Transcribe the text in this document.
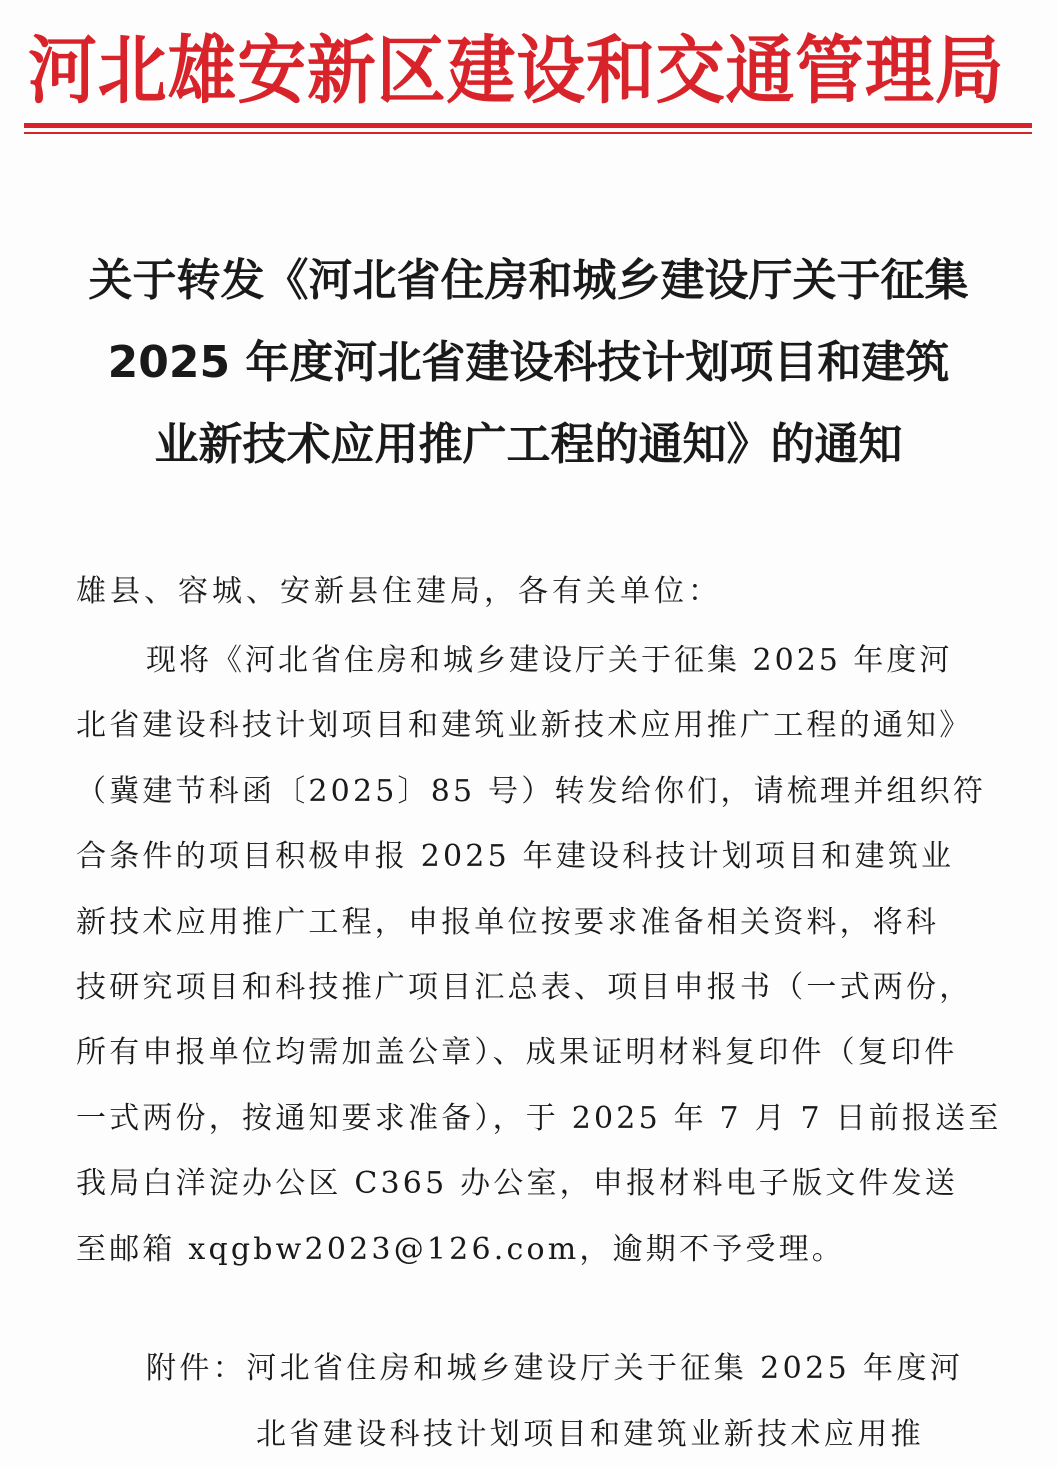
河北雄安新区建设和交通管理局
关于转发《河北省住房和城乡建设厅关于征集
2025 年度河北省建设科技计划项目和建筑
业新技术应用推广工程的通知》的通知
雄县、容城、安新县住建局，各有关单位：
现将《河北省住房和城乡建设厅关于征集 2025 年度河
北省建设科技计划项目和建筑业新技术应用推广工程的通知》
（冀建节科函〔2025〕85 号）转发给你们，请梳理并组织符
合条件的项目积极申报 2025 年建设科技计划项目和建筑业
新技术应用推广工程，申报单位按要求准备相关资料，将科
技研究项目和科技推广项目汇总表、项目申报书（一式两份，
所有申报单位均需加盖公章）、成果证明材料复印件（复印件
一式两份，按通知要求准备），于 2025 年 7 月 7 日前报送至
我局白洋淀办公区 C365 办公室，申报材料电子版文件发送
至邮箱 xqgbw2023@126.com，逾期不予受理。
附件：河北省住房和城乡建设厅关于征集 2025 年度河
北省建设科技计划项目和建筑业新技术应用推
